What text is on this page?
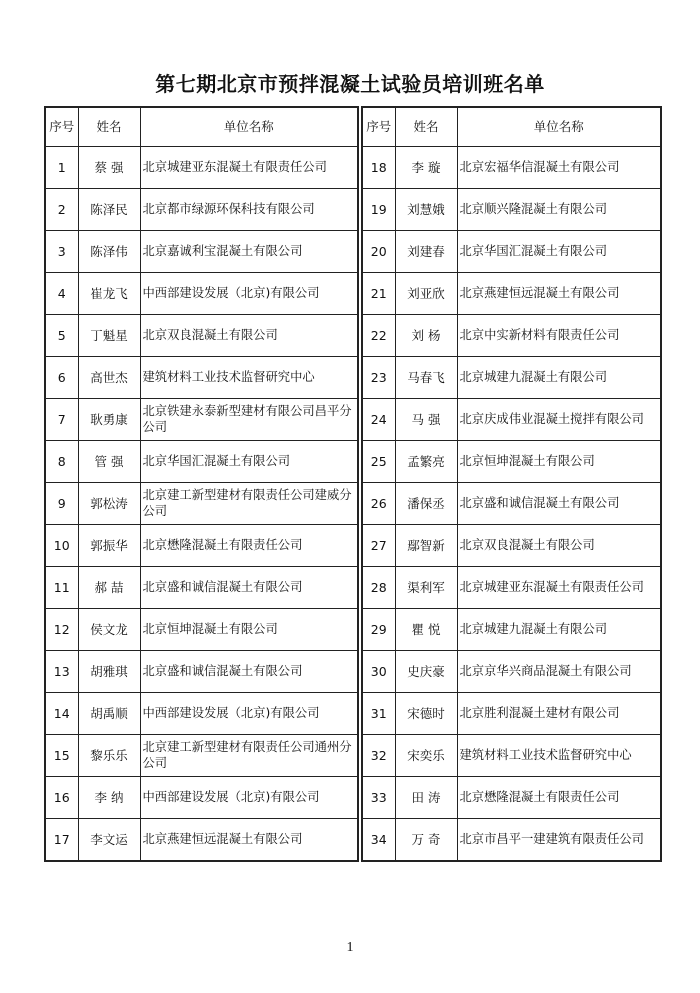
第七期北京市预拌混凝土试验员培训班名单
序号	姓名	单位名称
1	蔡 强	北京城建亚东混凝土有限责任公司
2	陈泽民	北京都市绿源环保科技有限公司
3	陈泽伟	北京嘉诚利宝混凝土有限公司
4	崔龙飞	中西部建设发展（北京)有限公司
5	丁魁星	北京双良混凝土有限公司
6	高世杰	建筑材料工业技术监督研究中心
7	耿勇康	北京铁建永泰新型建材有限公司昌平分公司
8	管 强	北京华国汇混凝土有限公司
9	郭松涛	北京建工新型建材有限责任公司建威分公司
10	郭振华	北京懋隆混凝土有限责任公司
11	郝 喆	北京盛和诚信混凝土有限公司
12	侯文龙	北京恒坤混凝土有限公司
13	胡雅琪	北京盛和诚信混凝土有限公司
14	胡禹顺	中西部建设发展（北京)有限公司
15	黎乐乐	北京建工新型建材有限责任公司通州分公司
16	李 纳	中西部建设发展（北京)有限公司
17	李文运	北京燕建恒远混凝土有限公司
序号	姓名	单位名称
18	李 璇	北京宏福华信混凝土有限公司
19	刘慧娥	北京顺兴隆混凝土有限公司
20	刘建春	北京华国汇混凝土有限公司
21	刘亚欣	北京燕建恒远混凝土有限公司
22	刘 杨	北京中实新材料有限责任公司
23	马春飞	北京城建九混凝土有限公司
24	马 强	北京庆成伟业混凝土搅拌有限公司
25	孟繁亮	北京恒坤混凝土有限公司
26	潘保丞	北京盛和诚信混凝土有限公司
27	鄢智新	北京双良混凝土有限公司
28	渠利军	北京城建亚东混凝土有限责任公司
29	瞿 悦	北京城建九混凝土有限公司
30	史庆豪	北京京华兴商品混凝土有限公司
31	宋德时	北京胜利混凝土建材有限公司
32	宋奕乐	建筑材料工业技术监督研究中心
33	田 涛	北京懋隆混凝土有限责任公司
34	万 奇	北京市昌平一建建筑有限责任公司
1
